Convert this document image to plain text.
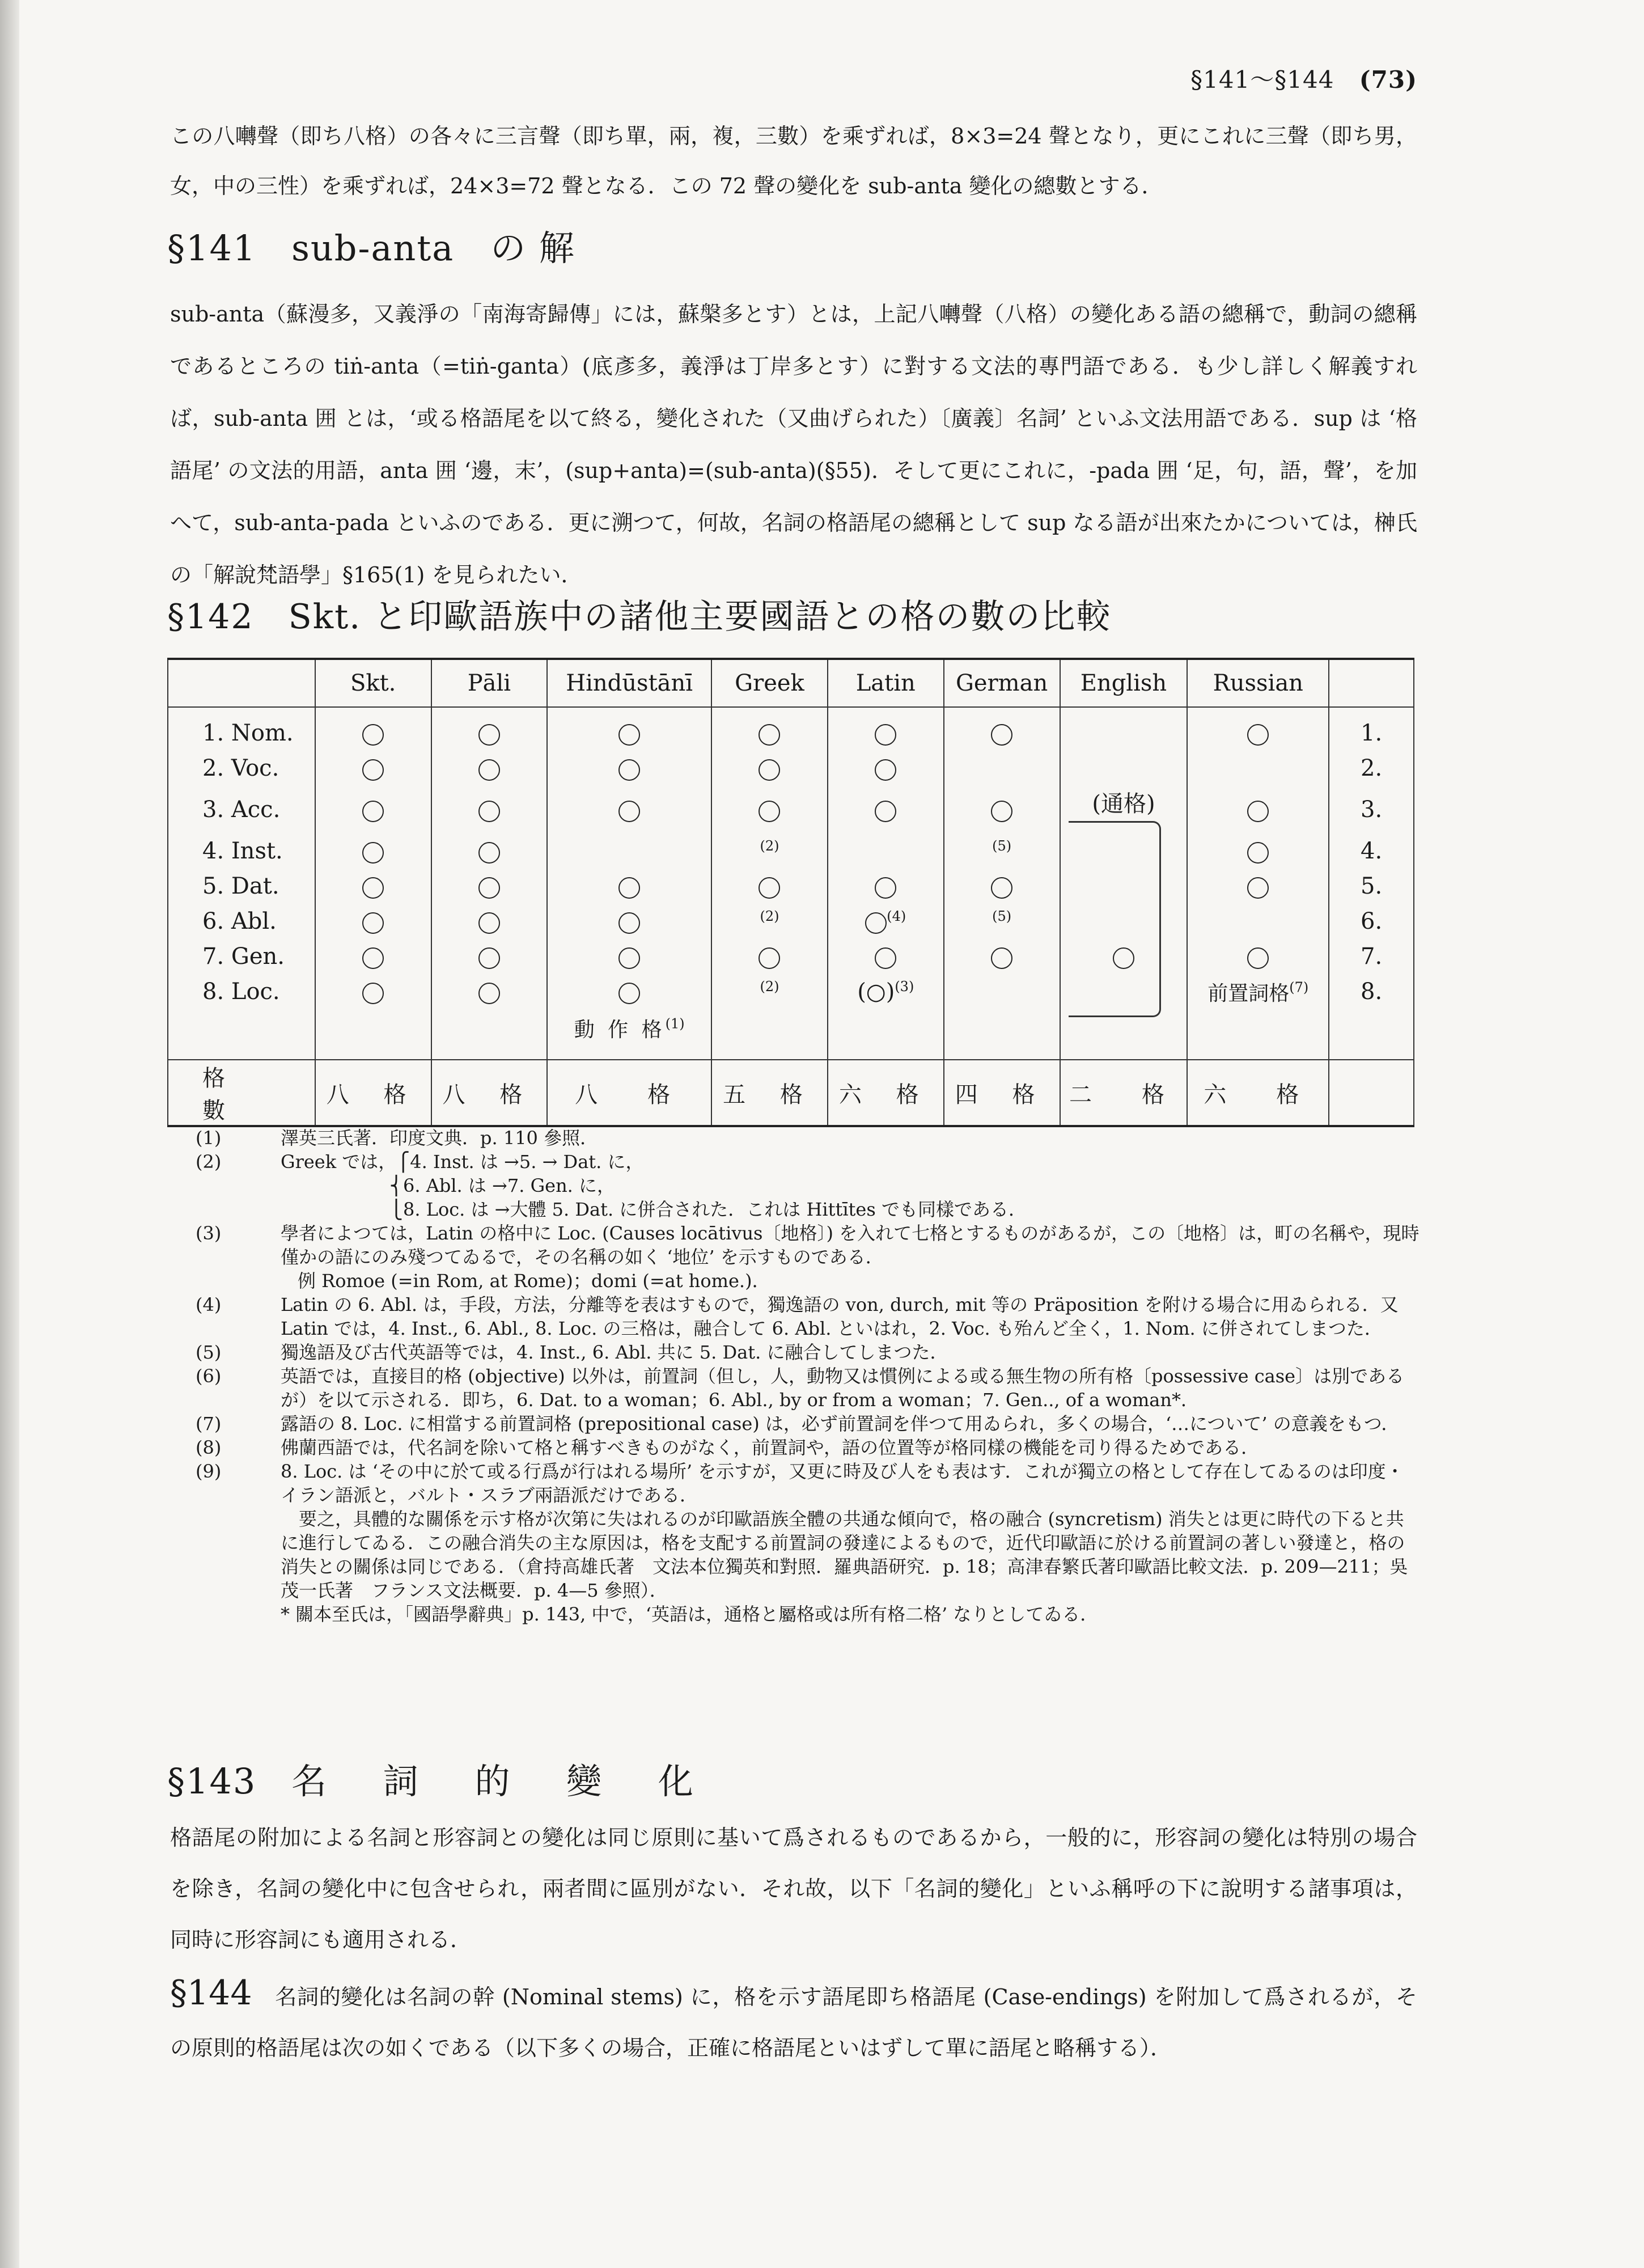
§141〜§144 (73)

この八囀聲（即ち八格）の各々に三言聲（即ち單，兩，複，三數）を乘ずれば，8×3=24 聲となり，更にこれに三聲（即ち男，女，中の三性）を乘ずれば，24×3=72 聲となる．この 72 聲の變化を sub-anta 變化の總數とする．

§141 sub-anta　の 解

sub-anta（蘇漫多，又義淨の「南海寄歸傳」には，蘇槃多とす）とは，上記八囀聲（八格）の變化ある語の總稱で，動詞の總稱であるところの tiṅ-anta（=tiṅ-ganta）(底彥多，義淨は丁岸多とす）に對する文法的專門語である．も少し詳しく解義すれば，sub-anta 囲 とは，‘或る格語尾を以て終る，變化された（又曲げられた）〔廣義〕名詞’ といふ文法用語である．sup は ‘格語尾’ の文法的用語，anta 囲 ‘邊，末’，(sup+anta)=(sub-anta)(§55)．そして更にこれに，-pada 囲 ‘足，句，語，聲’，を加へて，sub-anta-pada といふのである．更に溯つて，何故，名詞の格語尾の總稱として sup なる語が出來たかについては，榊氏の「解說梵語學」§165(1) を見られたい．

§142 Skt. と印歐語族中の諸他主要國語との格の數の比較
	Skt.	Pāli	Hindūstānī	Greek	Latin	German	English	Russian	
1. Nom.							(通格)		1.
2. Voc.									2.
3. Acc.									3.
4. Inst.				$^{(2)}$		$^{(5)}$			4.
5. Dat.									5.
6. Abl.				$^{(2)}$	$^{(4)}$	$^{(5)}$			6.
7. Gen.									7.
8. Loc.				$^{(2)}$	(○)$^{(3)}$			前置詞格$^{(7)}$	8.
			動 作 格$^{(1)}$						
格 數	八 格	八 格	八　格	五 格	六 格	四 格	二　格	六　格	
(1)	澤英三氏著．印度文典．p. 110 參照．
(2)	Greek では，⎧4. Inst. は →5. → Dat. に，
　　　　　　⎨6. Abl. は →7. Gen. に，
　　　　　　⎩8. Loc. は →大體 5. Dat. に併合された．これは Hittītes でも同樣である．
(3)	學者によつては，Latin の格中に Loc. (Causes locātivus〔地格〕) を入れて七格とするものがあるが，この〔地格〕は，町の名稱や，現時僅かの語にのみ殘つてゐるで，その名稱の如く ‘地位’ を示すものである．
例 Romoe (=in Rom, at Rome)；domi (=at home.)．
(4)	Latin の 6. Abl. は，手段，方法，分離等を表はすもので，獨逸語の von, durch, mit 等の Präposition を附ける場合に用ゐられる．又 Latin では，4. Inst., 6. Abl., 8. Loc. の三格は，融合して 6. Abl. といはれ，2. Voc. も殆んど全く，1. Nom. に併されてしまつた．
(5)	獨逸語及び古代英語等では，4. Inst., 6. Abl. 共に 5. Dat. に融合してしまつた．
(6)	英語では，直接目的格 (objective) 以外は，前置詞（但し，人，動物又は慣例による或る無生物の所有格〔possessive case〕は別であるが）を以て示される．即ち，6. Dat. to a woman；6. Abl., by or from a woman；7. Gen.., of a woman*．
(7)	露語の 8. Loc. に相當する前置詞格 (prepositional case) は，必ず前置詞を伴つて用ゐられ，多くの場合，‘…について’ の意義をもつ．
(8)	佛蘭西語では，代名詞を除いて格と稱すべきものがなく，前置詞や，語の位置等が格同樣の機能を司り得るためである．
(9)	8. Loc. は ‘その中に於て或る行爲が行はれる場所’ を示すが，又更に時及び人をも表はす．これが獨立の格として存在してゐるのは印度・イラン語派と，バルト・スラブ兩語派だけである．
　要之，具體的な關係を示す格が次第に失はれるのが印歐語族全體の共通な傾向で，格の融合 (syncretism) 消失とは更に時代の下ると共に進行してゐる．この融合消失の主な原因は，格を支配する前置詞の發達によるもので，近代印歐語に於ける前置詞の著しい發達と，格の消失との關係は同じである．（倉持高雄氏著　文法本位獨英和對照．羅典語研究．p. 18；高津春繁氏著印歐語比較文法．p. 209—211；吳茂一氏著　フランス文法概要．p. 4—5 參照）．
* 關本至氏は，「國語學辭典」p. 143, 中で，‘英語は，通格と屬格或は所有格二格’ なりとしてゐる．
§143 名 詞 的 變 化

格語尾の附加による名詞と形容詞との變化は同じ原則に基いて爲されるものであるから，一般的に，形容詞の變化は特別の場合を除き，名詞の變化中に包含せられ，兩者間に區別がない．それ故，以下「名詞的變化」といふ稱呼の下に說明する諸事項は，同時に形容詞にも適用される．

§144 名詞的變化は名詞の幹 (Nominal stems) に，格を示す語尾即ち格語尾 (Case-endings) を附加して爲されるが，その原則的格語尾は次の如くである（以下多くの場合，正確に格語尾といはずして單に語尾と略稱する）．
